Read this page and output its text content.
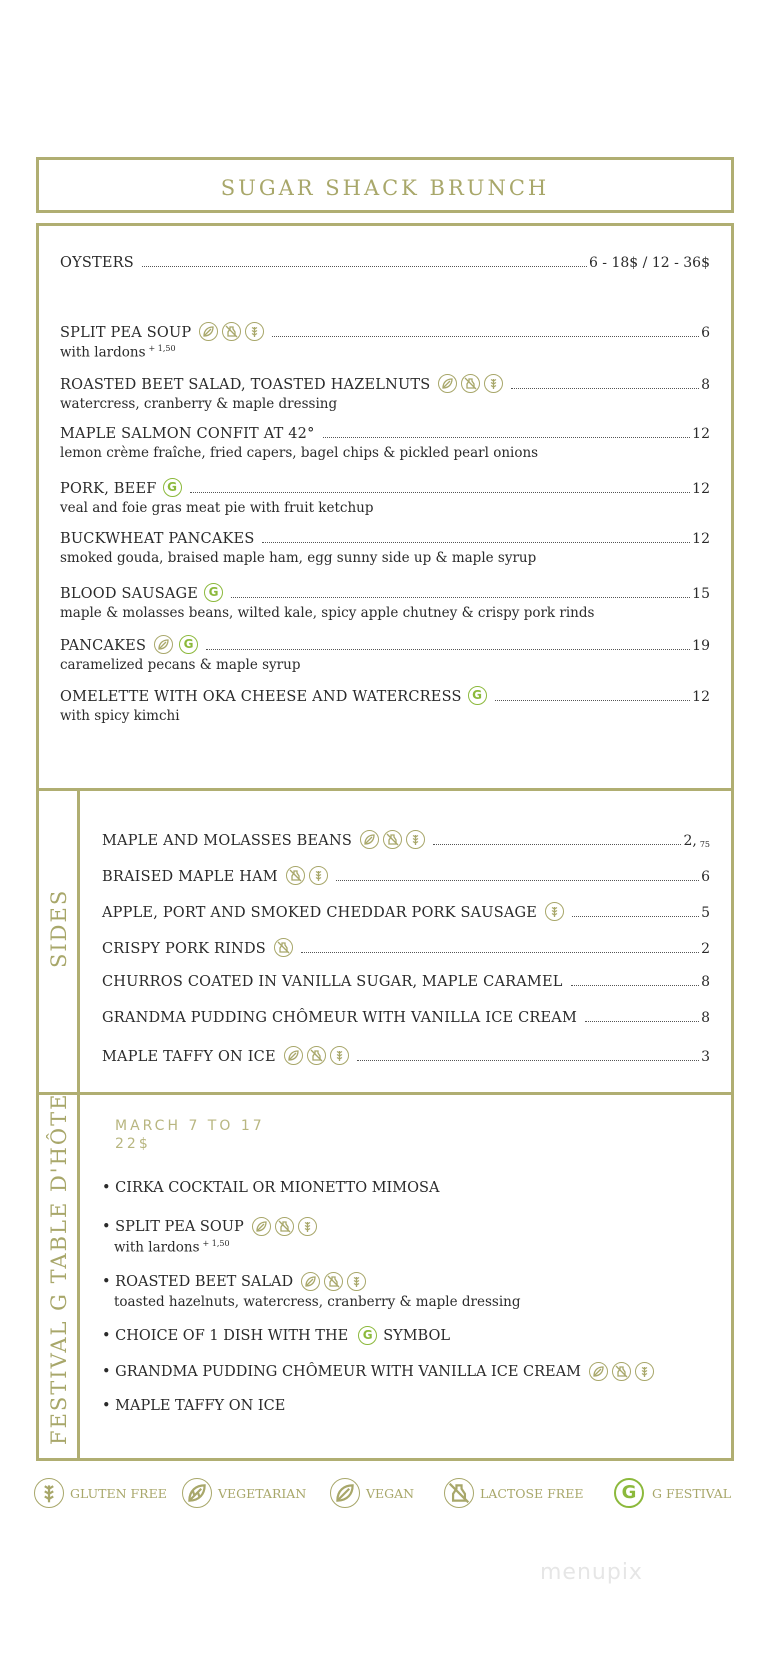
SUGAR SHACK BRUNCH
SIDES
FESTIVAL G TABLE D'HÔTE
OYSTERS	6 - 18$ / 12 - 36$
SPLIT PEA SOUP	6
with lardons $^{+ 1,50}$
ROASTED BEET SALAD, TOASTED HAZELNUTS	8
watercress, cranberry & maple dressing
MAPLE SALMON CONFIT AT 42°	12
lemon crème fraîche, fried capers, bagel chips & pickled pearl onions
PORK, BEEF G	12
veal and foie gras meat pie with fruit ketchup
BUCKWHEAT PANCAKES	12
smoked gouda, braised maple ham, egg sunny side up & maple syrup
BLOOD SAUSAGE G	15
maple & molasses beans, wilted kale, spicy apple chutney & crispy pork rinds
PANCAKES	G	19
caramelized pecans & maple syrup
OMELETTE WITH OKA CHEESE AND WATERCRESS G	12
with spicy kimchi
MAPLE AND MOLASSES BEANS	2, 75
BRAISED MAPLE HAM	6
APPLE, PORT AND SMOKED CHEDDAR PORK SAUSAGE	5
CRISPY PORK RINDS	2
CHURROS COATED IN VANILLA SUGAR, MAPLE CARAMEL	8
GRANDMA PUDDING CHÔMEUR WITH VANILLA ICE CREAM	8
MAPLE TAFFY ON ICE	3
MARCH 7 TO 17
22$
• CIRKA COCKTAIL OR MIONETTO MIMOSA
• SPLIT PEA SOUP
with lardons $^{+ 1,50}$
• ROASTED BEET SALAD
toasted hazelnuts, watercress, cranberry & maple dressing
• CHOICE OF 1 DISH WITH THE	G SYMBOL
• GRANDMA PUDDING CHÔMEUR WITH VANILLA ICE CREAM
• MAPLE TAFFY ON ICE
GLUTEN FREE	VEGETARIAN	VEGAN	LACTOSE FREE	G	G FESTIVAL
menupix
